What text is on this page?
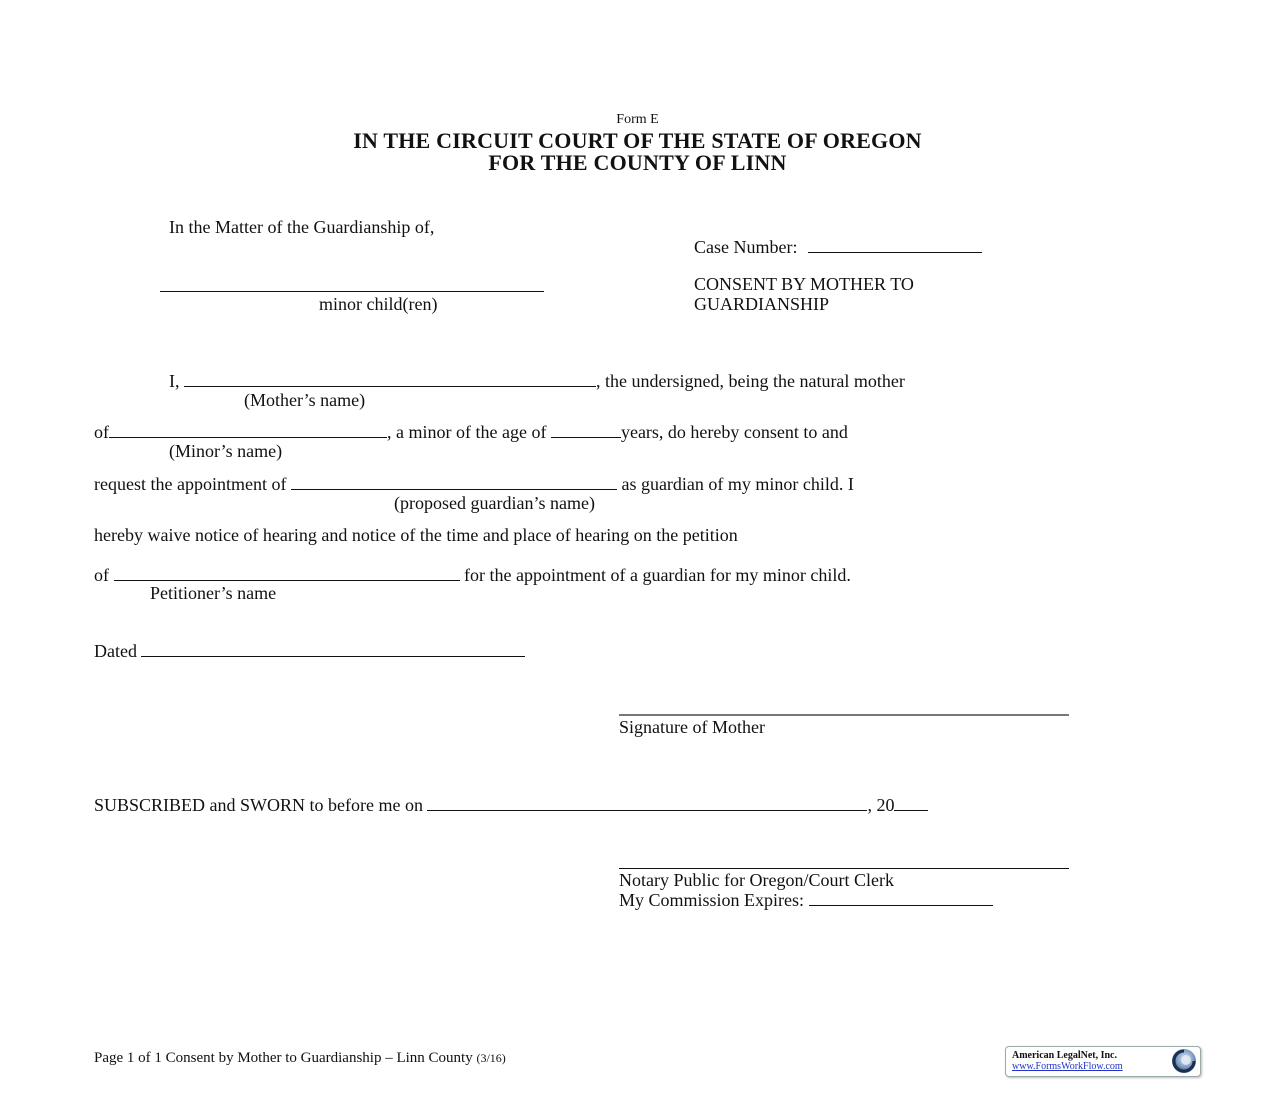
Form E
IN THE CIRCUIT COURT OF THE STATE OF OREGON
FOR THE COUNTY OF LINN
In the Matter of the Guardianship of,
minor child(ren)
Case Number:
CONSENT BY MOTHER TO
GUARDIANSHIP
I,	, the undersigned, being the natural mother
(Mother’s name)
of	, a minor of the age of	years, do hereby consent to and
(Minor’s name)
request the appointment of	as guardian of my minor child. I
(proposed guardian’s name)
hereby waive notice of hearing and notice of the time and place of hearing on the petition
of	for the appointment of a guardian for my minor child.
Petitioner’s name
Dated
Signature of Mother
SUBSCRIBED and SWORN to before me on	, 20
Notary Public for Oregon/Court Clerk
My Commission Expires:
Page 1 of 1 Consent by Mother to Guardianship – Linn County (3/16)	American LegalNet, Inc.
www.FormsWorkFlow.com
